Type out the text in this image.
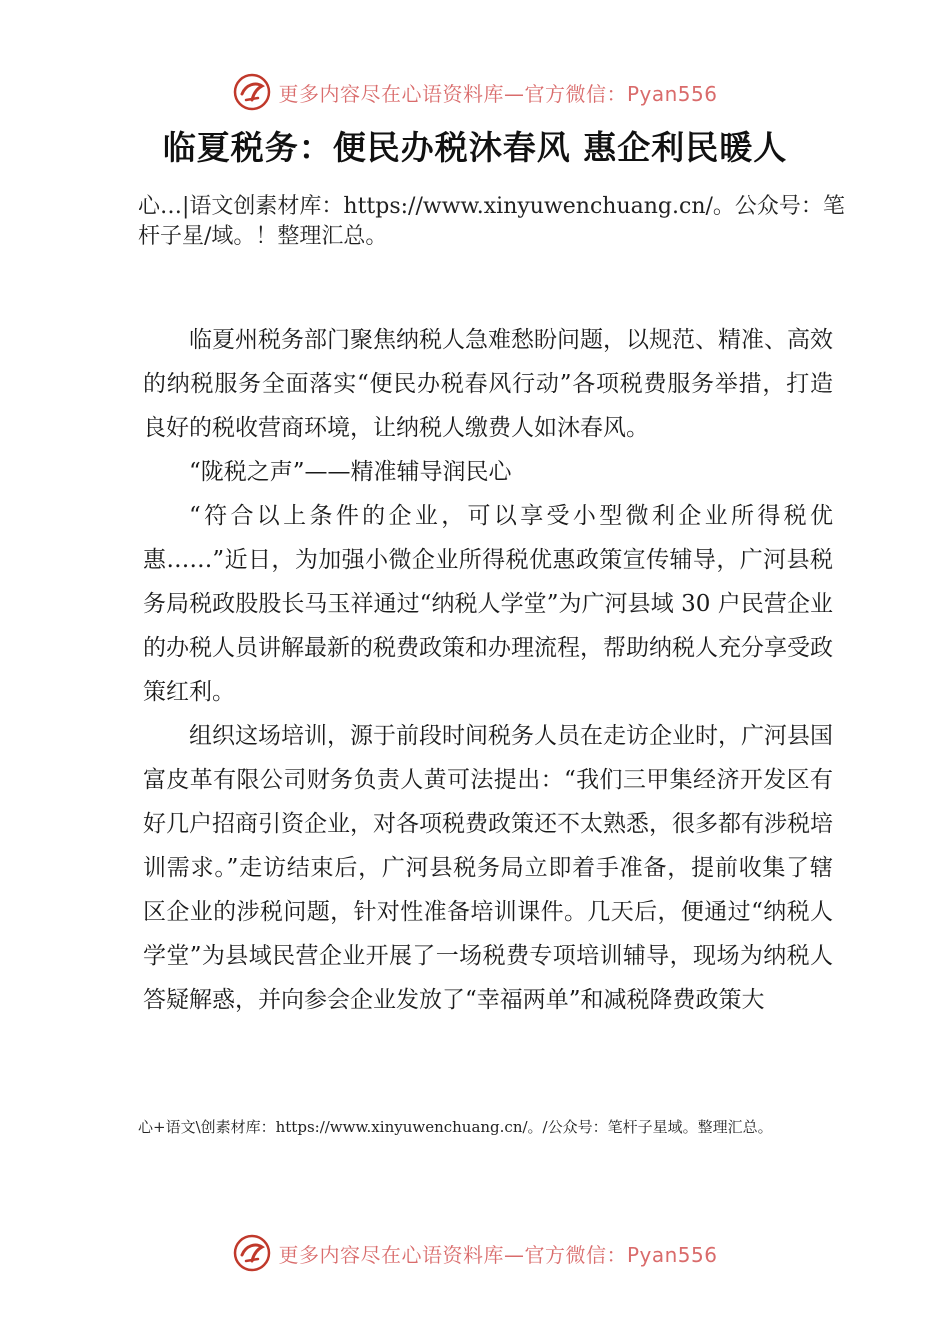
更多内容尽在心语资料库—官方微信：Pyan556
临夏税务：便民办税沐春风 惠企利民暖人

心…|语文创素材库：https://www.xinyuwenchuang.cn/。公众号：笔杆子星/域。！整理汇总。

临夏州税务部门聚焦纳税人急难愁盼问题，以规范、精准、高效的纳税服务全面落实“便民办税春风行动”各项税费服务举措，打造良好的税收营商环境，让纳税人缴费人如沐春风。

“陇税之声”——精准辅导润民心

“符合以上条件的企业，可以享受小型微利企业所得税优惠……”近日，为加强小微企业所得税优惠政策宣传辅导，广河县税务局税政股股长马玉祥通过“纳税人学堂”为广河县域 30 户民营企业的办税人员讲解最新的税费政策和办理流程，帮助纳税人充分享受政策红利。

组织这场培训，源于前段时间税务人员在走访企业时，广河县国富皮革有限公司财务负责人黄可法提出：“我们三甲集经济开发区有好几户招商引资企业，对各项税费政策还不太熟悉，很多都有涉税培训需求。”走访结束后，广河县税务局立即着手准备，提前收集了辖区企业的涉税问题，针对性准备培训课件。几天后，便通过“纳税人学堂”为县域民营企业开展了一场税费专项培训辅导，现场为纳税人答疑解惑，并向参会企业发放了“幸福两单”和减税降费政策大

心+语文\创素材库：https://www.xinyuwenchuang.cn/。/公众号：笔杆子星域。整理汇总。

更多内容尽在心语资料库—官方微信：Pyan556
